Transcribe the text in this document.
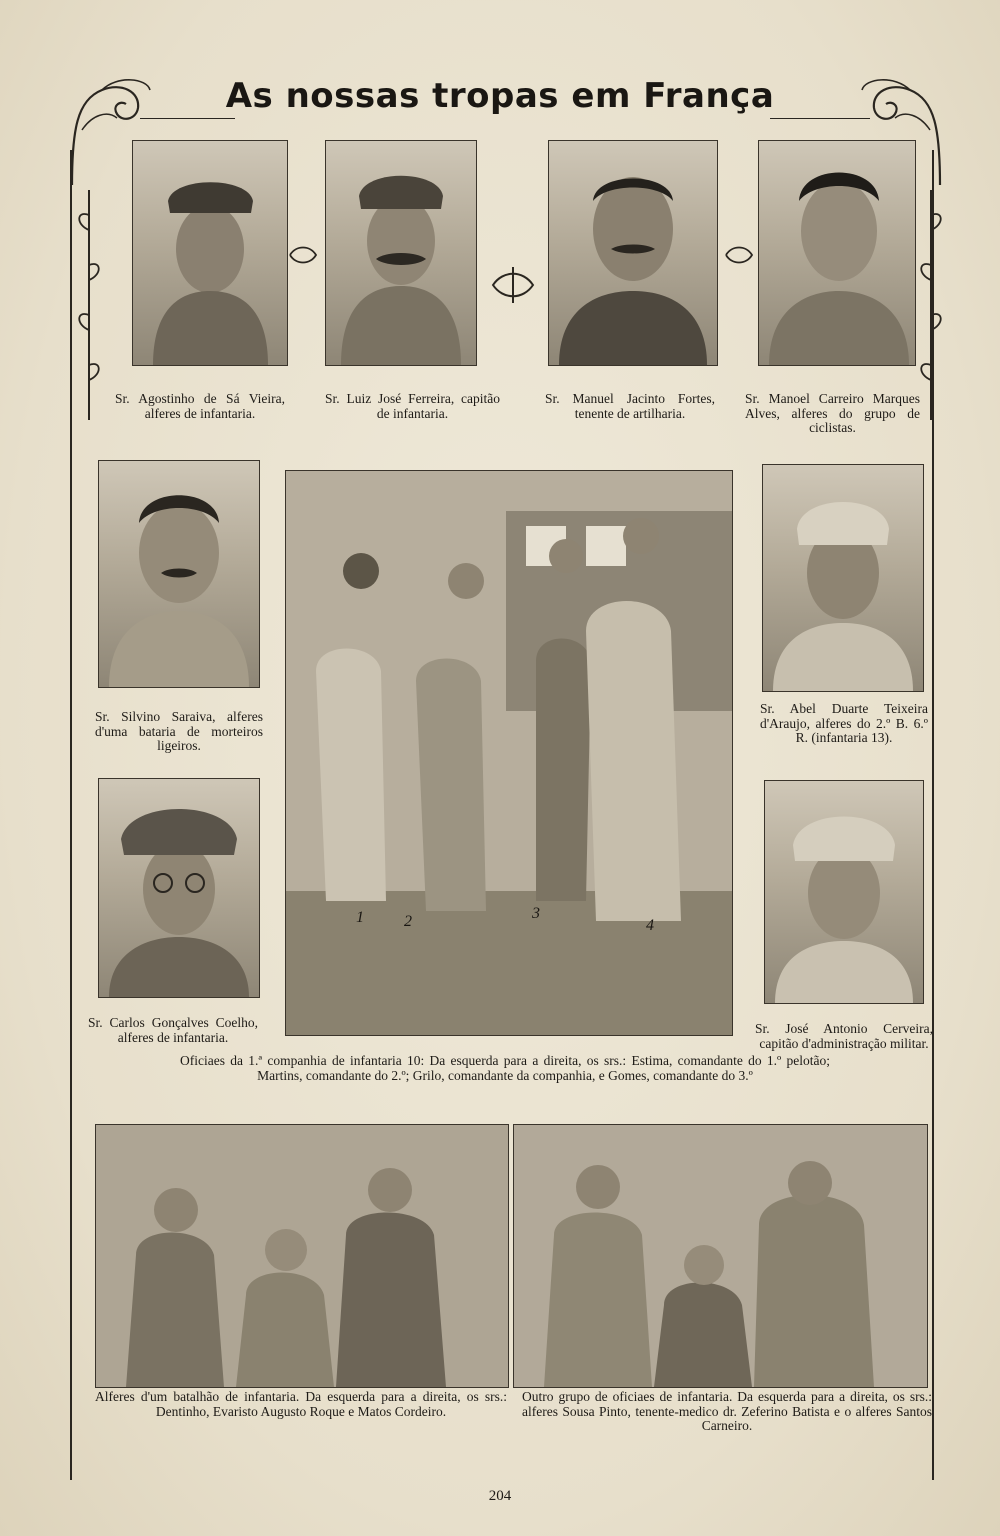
As nossas tropas em França
Sr. Agostinho de Sá Vieira, alferes de infantaria.
Sr. Luiz José Ferreira, capitão de infantaria.
Sr. Manuel Jacinto Fortes, tenente de artilharia.
Sr. Manoel Carreiro Marques Alves, alferes do grupo de ciclistas.
Sr. Silvino Saraiva, alferes d'uma bataria de morteiros ligeiros.
Sr. Abel Duarte Teixeira d'Araujo, alferes do 2.º B. 6.º R. (infantaria 13).
Sr. Carlos Gonçalves Coelho, alferes de infantaria.
Sr. José Antonio Cerveira, capitão d'administração militar.
1	2	3
4
Oficiaes da 1.ª companhia de infantaria 10: Da esquerda para a direita, os srs.: Estima, comandante do 1.º pelotão; Martins, comandante do 2.º; Grilo, comandante da companhia, e Gomes, comandante do 3.º
Alferes d'um batalhão de infantaria. Da esquerda para a direita, os srs.: Dentinho, Evaristo Augusto Roque e Matos Cordeiro.
Outro grupo de oficiaes de infantaria. Da esquerda para a direita, os srs.: alferes Sousa Pinto, tenente-medico dr. Zeferino Batista e o alferes Santos Carneiro.
204
